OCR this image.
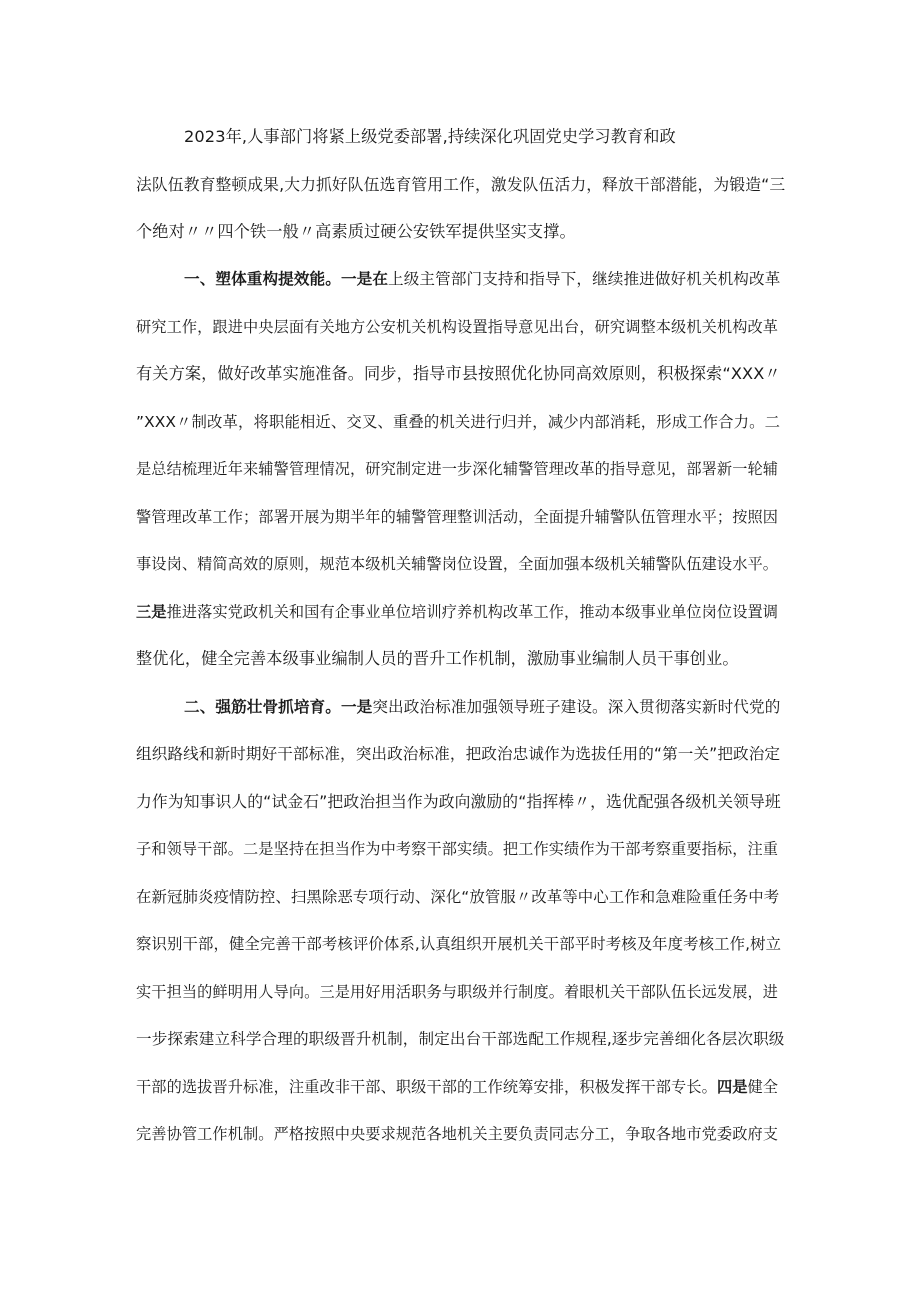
2023年,人事部门将紧上级党委部署,持续深化巩固党史学习教育和政
法队伍教育整顿成果,大力抓好队伍选育管用工作，激发队伍活力，释放干部潜能，为锻造“三
个绝对〃〃四个铁一般〃高素质过硬公安铁军提供坚实支撑。
一、塑体重构提效能。一是在上级主管部门支持和指导下，继续推进做好机关机构改革
研究工作，跟进中央层面有关地方公安机关机构设置指导意见出台，研究调整本级机关机构改革
有关方案，做好改革实施准备。同步，指导市县按照优化协同高效原则，积极探索“XXX〃
”XXX〃制改革，将职能相近、交叉、重叠的机关进行归并，减少内部消耗，形成工作合力。二
是总结梳理近年来辅警管理情况，研究制定进一步深化辅警管理改革的指导意见，部署新一轮辅
警管理改革工作；部署开展为期半年的辅警管理整训活动，全面提升辅警队伍管理水平；按照因
事设岗、精简高效的原则，规范本级机关辅警岗位设置，全面加强本级机关辅警队伍建设水平。
三是推进落实党政机关和国有企事业单位培训疗养机构改革工作，推动本级事业单位岗位设置调
整优化，健全完善本级事业编制人员的晋升工作机制，激励事业编制人员干事创业。
二、强筋壮骨抓培育。一是突出政治标准加强领导班子建设。深入贯彻落实新时代党的
组织路线和新时期好干部标准，突出政治标准，把政治忠诚作为选拔任用的“第一关”把政治定
力作为知事识人的“试金石”把政治担当作为政向激励的“指挥棒〃，选优配强各级机关领导班
子和领导干部。二是坚持在担当作为中考察干部实绩。把工作实绩作为干部考察重要指标，注重
在新冠肺炎疫情防控、扫黑除恶专项行动、深化“放管服〃改革等中心工作和急难险重任务中考
察识别干部，健全完善干部考核评价体系,认真组织开展机关干部平时考核及年度考核工作,树立
实干担当的鲜明用人导向。三是用好用活职务与职级并行制度。着眼机关干部队伍长远发展，进
一步探索建立科学合理的职级晋升机制，制定出台干部选配工作规程,逐步完善细化各层次职级
干部的选拔晋升标准，注重改非干部、职级干部的工作统筹安排，积极发挥干部专长。四是健全
完善协管工作机制。严格按照中央要求规范各地机关主要负责同志分工，争取各地市党委政府支
